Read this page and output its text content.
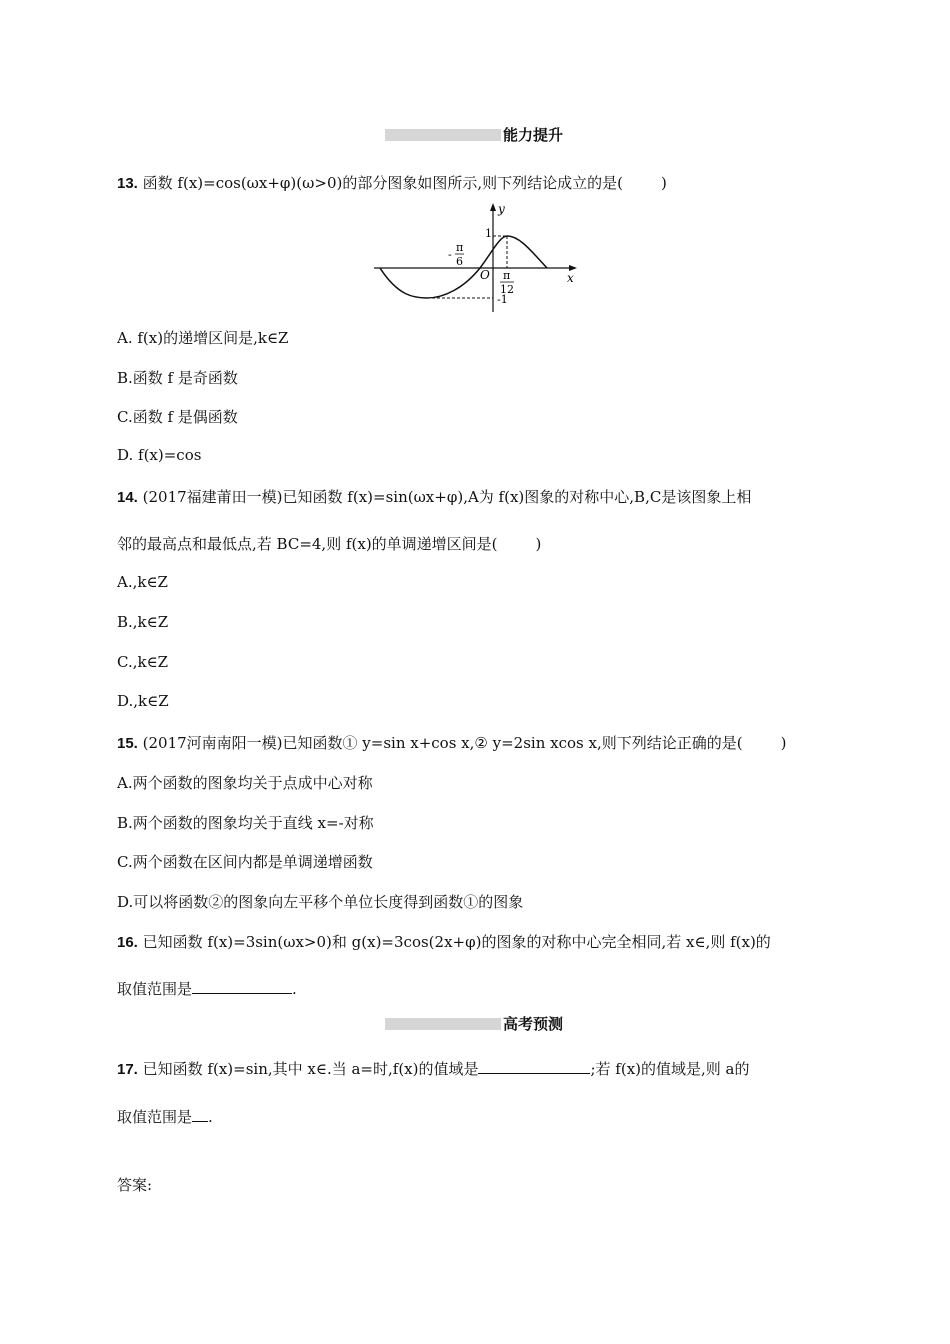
能力提升
13. 函数 f(x)=cos(ωx+φ)(ω>0)的部分图象如图所示,则下列结论成立的是(	)
y
x
O
1
-1
-
π
6
π
12
A. f(x)的递增区间是,k∈Z
B.函数 f 是奇函数
C.函数 f 是偶函数
D. f(x)=cos
14. (2017福建莆田一模)已知函数 f(x)=sin(ωx+φ),A为 f(x)图象的对称中心,B,C是该图象上相
邻的最高点和最低点,若 BC=4,则 f(x)的单调递增区间是(	)
A.,k∈Z
B.,k∈Z
C.,k∈Z
D.,k∈Z
15. (2017河南南阳一模)已知函数① y=sin x+cos x,② y=2sin xcos x,则下列结论正确的是(	)
A.两个函数的图象均关于点成中心对称
B.两个函数的图象均关于直线 x=-对称
C.两个函数在区间内都是单调递增函数
D.可以将函数②的图象向左平移个单位长度得到函数①的图象
16. 已知函数 f(x)=3sin(ωx>0)和 g(x)=3cos(2x+φ)的图象的对称中心完全相同,若 x∈,则 f(x)的
取值范围是	.
高考预测
17. 已知函数 f(x)=sin,其中 x∈.当 a=时,f(x)的值域是	;若 f(x)的值域是,则 a的
取值范围是 .
答案:
